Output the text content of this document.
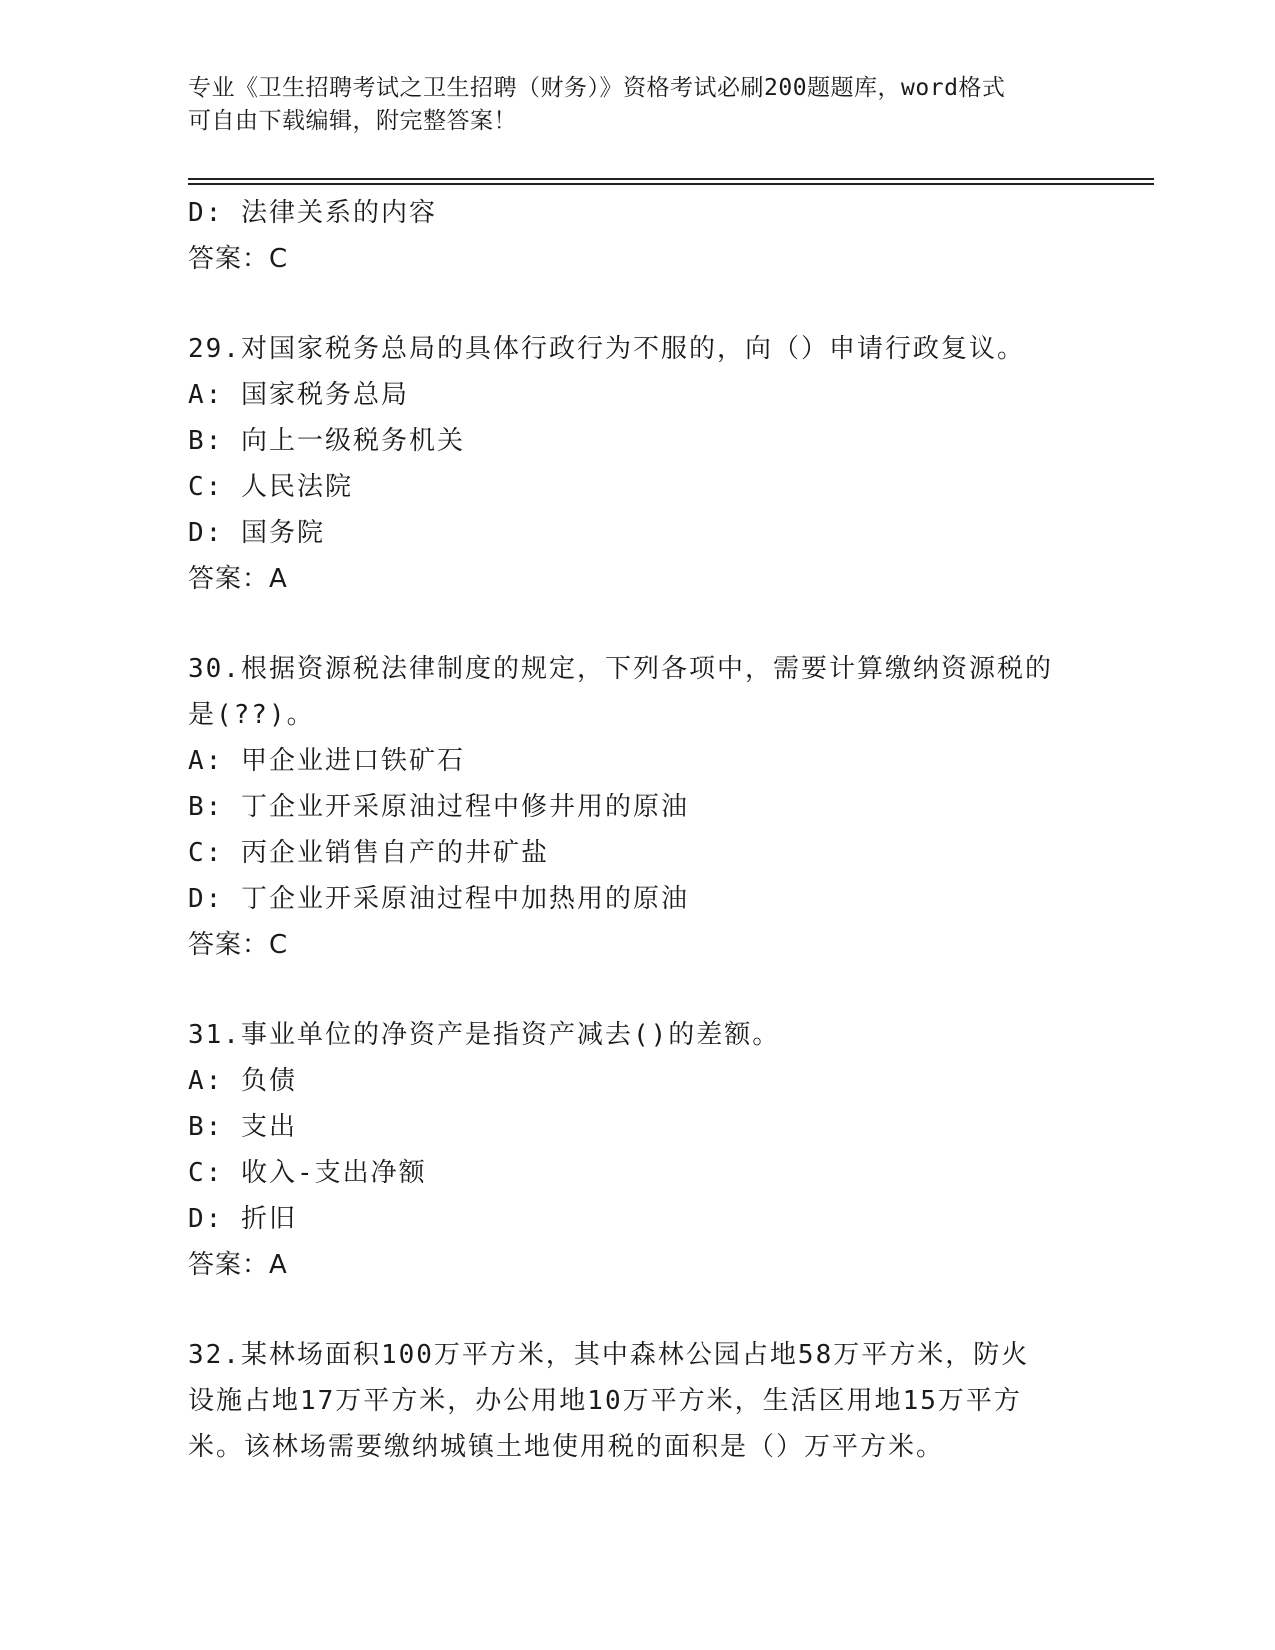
专业《卫生招聘考试之卫生招聘（财务）》资格考试必刷200题题库，word格式
可自由下载编辑，附完整答案！
D: 法律关系的内容
答案：C
29.对国家税务总局的具体行政行为不服的，向（）申请行政复议。
A: 国家税务总局
B: 向上一级税务机关
C: 人民法院
D: 国务院
答案：A
30.根据资源税法律制度的规定，下列各项中，需要计算缴纳资源税的
是(??)。
A: 甲企业进口铁矿石
B: 丁企业开采原油过程中修井用的原油
C: 丙企业销售自产的井矿盐
D: 丁企业开采原油过程中加热用的原油
答案：C
31.事业单位的净资产是指资产减去()的差额。
A: 负债
B: 支出
C: 收入-支出净额
D: 折旧
答案：A
32.某林场面积100万平方米，其中森林公园占地58万平方米，防火
设施占地17万平方米，办公用地10万平方米，生活区用地15万平方
米。该林场需要缴纳城镇土地使用税的面积是（）万平方米。
